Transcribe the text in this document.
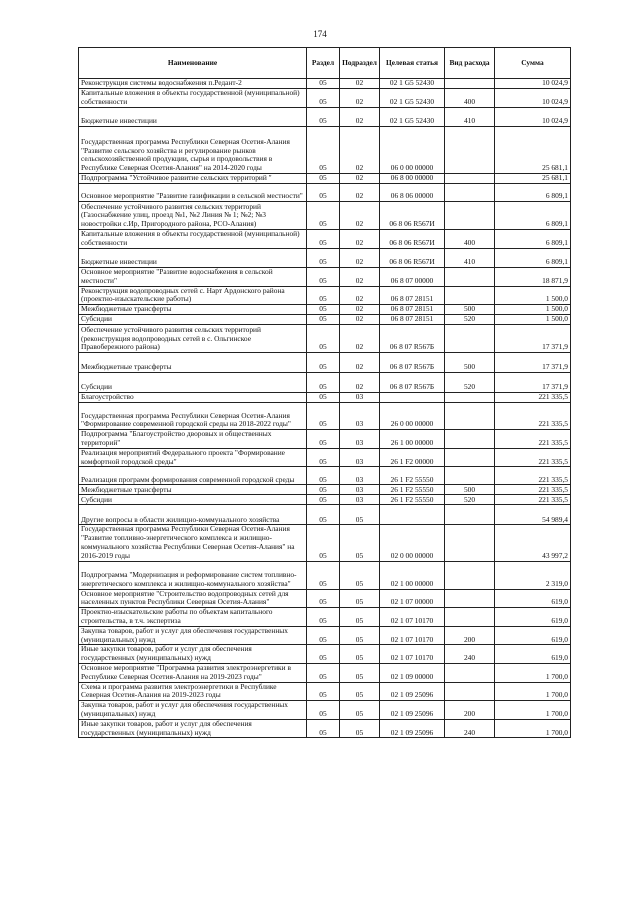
174
Наименование	Раздел	Подраздел	Целевая статья	Вид расхода	Сумма
Реконструкция системы водоснабжения п.Редант-2	05	02	02 1 G5 52430		10 024,9
Капитальные вложения в объекты государственной (муниципальной) собственности	05	02	02 1 G5 52430	400	10 024,9
Бюджетные инвестиции	05	02	02 1 G5 52430	410	10 024,9
Государственная программа Республики Северная Осетия-Алания "Развитие сельского хозяйства и регулирование рынков сельскохозяйственной продукции, сырья и продовольствия в Республике Северная Осетия-Алания" на 2014-2020 годы	05	02	06 0 00 00000		25 681,1
Подпрограмма "Устойчивое развитие сельских территорий "	05	02	06 8 00 00000		25 681,1
Основное мероприятие "Развитие газификации в сельской местности"	05	02	06 8 06 00000		6 809,1
Обеспечение устойчивого развития сельских территорий (Газоснабжение улиц, проезд №1, №2 Линия № 1; №2; №3 новостройки с.Ир, Пригородного района, РСО-Алания)	05	02	06 8 06 R567И		6 809,1
Капитальные вложения в объекты государственной (муниципальной) собственности	05	02	06 8 06 R567И	400	6 809,1
Бюджетные инвестиции	05	02	06 8 06 R567И	410	6 809,1
Основное мероприятие "Развитие водоснабжения в сельской местности"	05	02	06 8 07 00000		18 871,9
Реконструкция водопроводных сетей с. Нарт Ардонского района (проектно-изыскательские работы)	05	02	06 8 07 28151		1 500,0
Межбюджетные трансферты	05	02	06 8 07 28151	500	1 500,0
Субсидии	05	02	06 8 07 28151	520	1 500,0
Обеспечение устойчивого развития сельских территорий (реконструкция водопроводных сетей в с. Ольгинское Правобережного района)	05	02	06 8 07 R567Б		17 371,9
Межбюджетные трансферты	05	02	06 8 07 R567Б	500	17 371,9
Субсидии	05	02	06 8 07 R567Б	520	17 371,9
Благоустройство	05	03			221 335,5
Государственная программа Республики Северная Осетия-Алания "Формирование современной городской среды на 2018-2022 годы"	05	03	26 0 00 00000		221 335,5
Подпрограмма "Благоустройство дворовых и общественных территорий"	05	03	26 1 00 00000		221 335,5
Реализация мероприятий Федерального проекта "Формирование комфортной городской среды"	05	03	26 1 F2 00000		221 335,5
Реализация программ формирования современной городской среды	05	03	26 1 F2 55550		221 335,5
Межбюджетные трансферты	05	03	26 1 F2 55550	500	221 335,5
Субсидии	05	03	26 1 F2 55550	520	221 335,5
Другие вопросы в области жилищно-коммунального хозяйства	05	05			54 989,4
Государственная программа Республики Северная Осетия-Алания "Развитие топливно-энергетического комплекса и жилищно-коммунального хозяйства Республики Северная Осетия-Алания" на 2016-2019 годы	05	05	02 0 00 00000		43 997,2
Подпрограмма "Модернизация и реформирование систем топливно-энергетического комплекса и жилищно-коммунального хозяйства"	05	05	02 1 00 00000		2 319,0
Основное мероприятие "Строительство водопроводных сетей для населенных пунктов Республики Северная Осетия-Алания"	05	05	02 1 07 00000		619,0
Проектно-изыскательские работы по объектам капитального строительства, в т.ч. экспертиза	05	05	02 1 07 10170		619,0
Закупка товаров, работ и услуг для обеспечения государственных (муниципальных) нужд	05	05	02 1 07 10170	200	619,0
Иные закупки товаров, работ и услуг для обеспечения государственных (муниципальных) нужд	05	05	02 1 07 10170	240	619,0
Основное мероприятие "Программа развития электроэнергетики в Республике Северная Осетия-Алания на 2019-2023 годы"	05	05	02 1 09 00000		1 700,0
Схема и программа развития электроэнергетики в Республике Северная Осетия-Алания на 2019-2023 годы	05	05	02 1 09 25096		1 700,0
Закупка товаров, работ и услуг для обеспечения государственных (муниципальных) нужд	05	05	02 1 09 25096	200	1 700,0
Иные закупки товаров, работ и услуг для обеспечения государственных (муниципальных) нужд	05	05	02 1 09 25096	240	1 700,0
